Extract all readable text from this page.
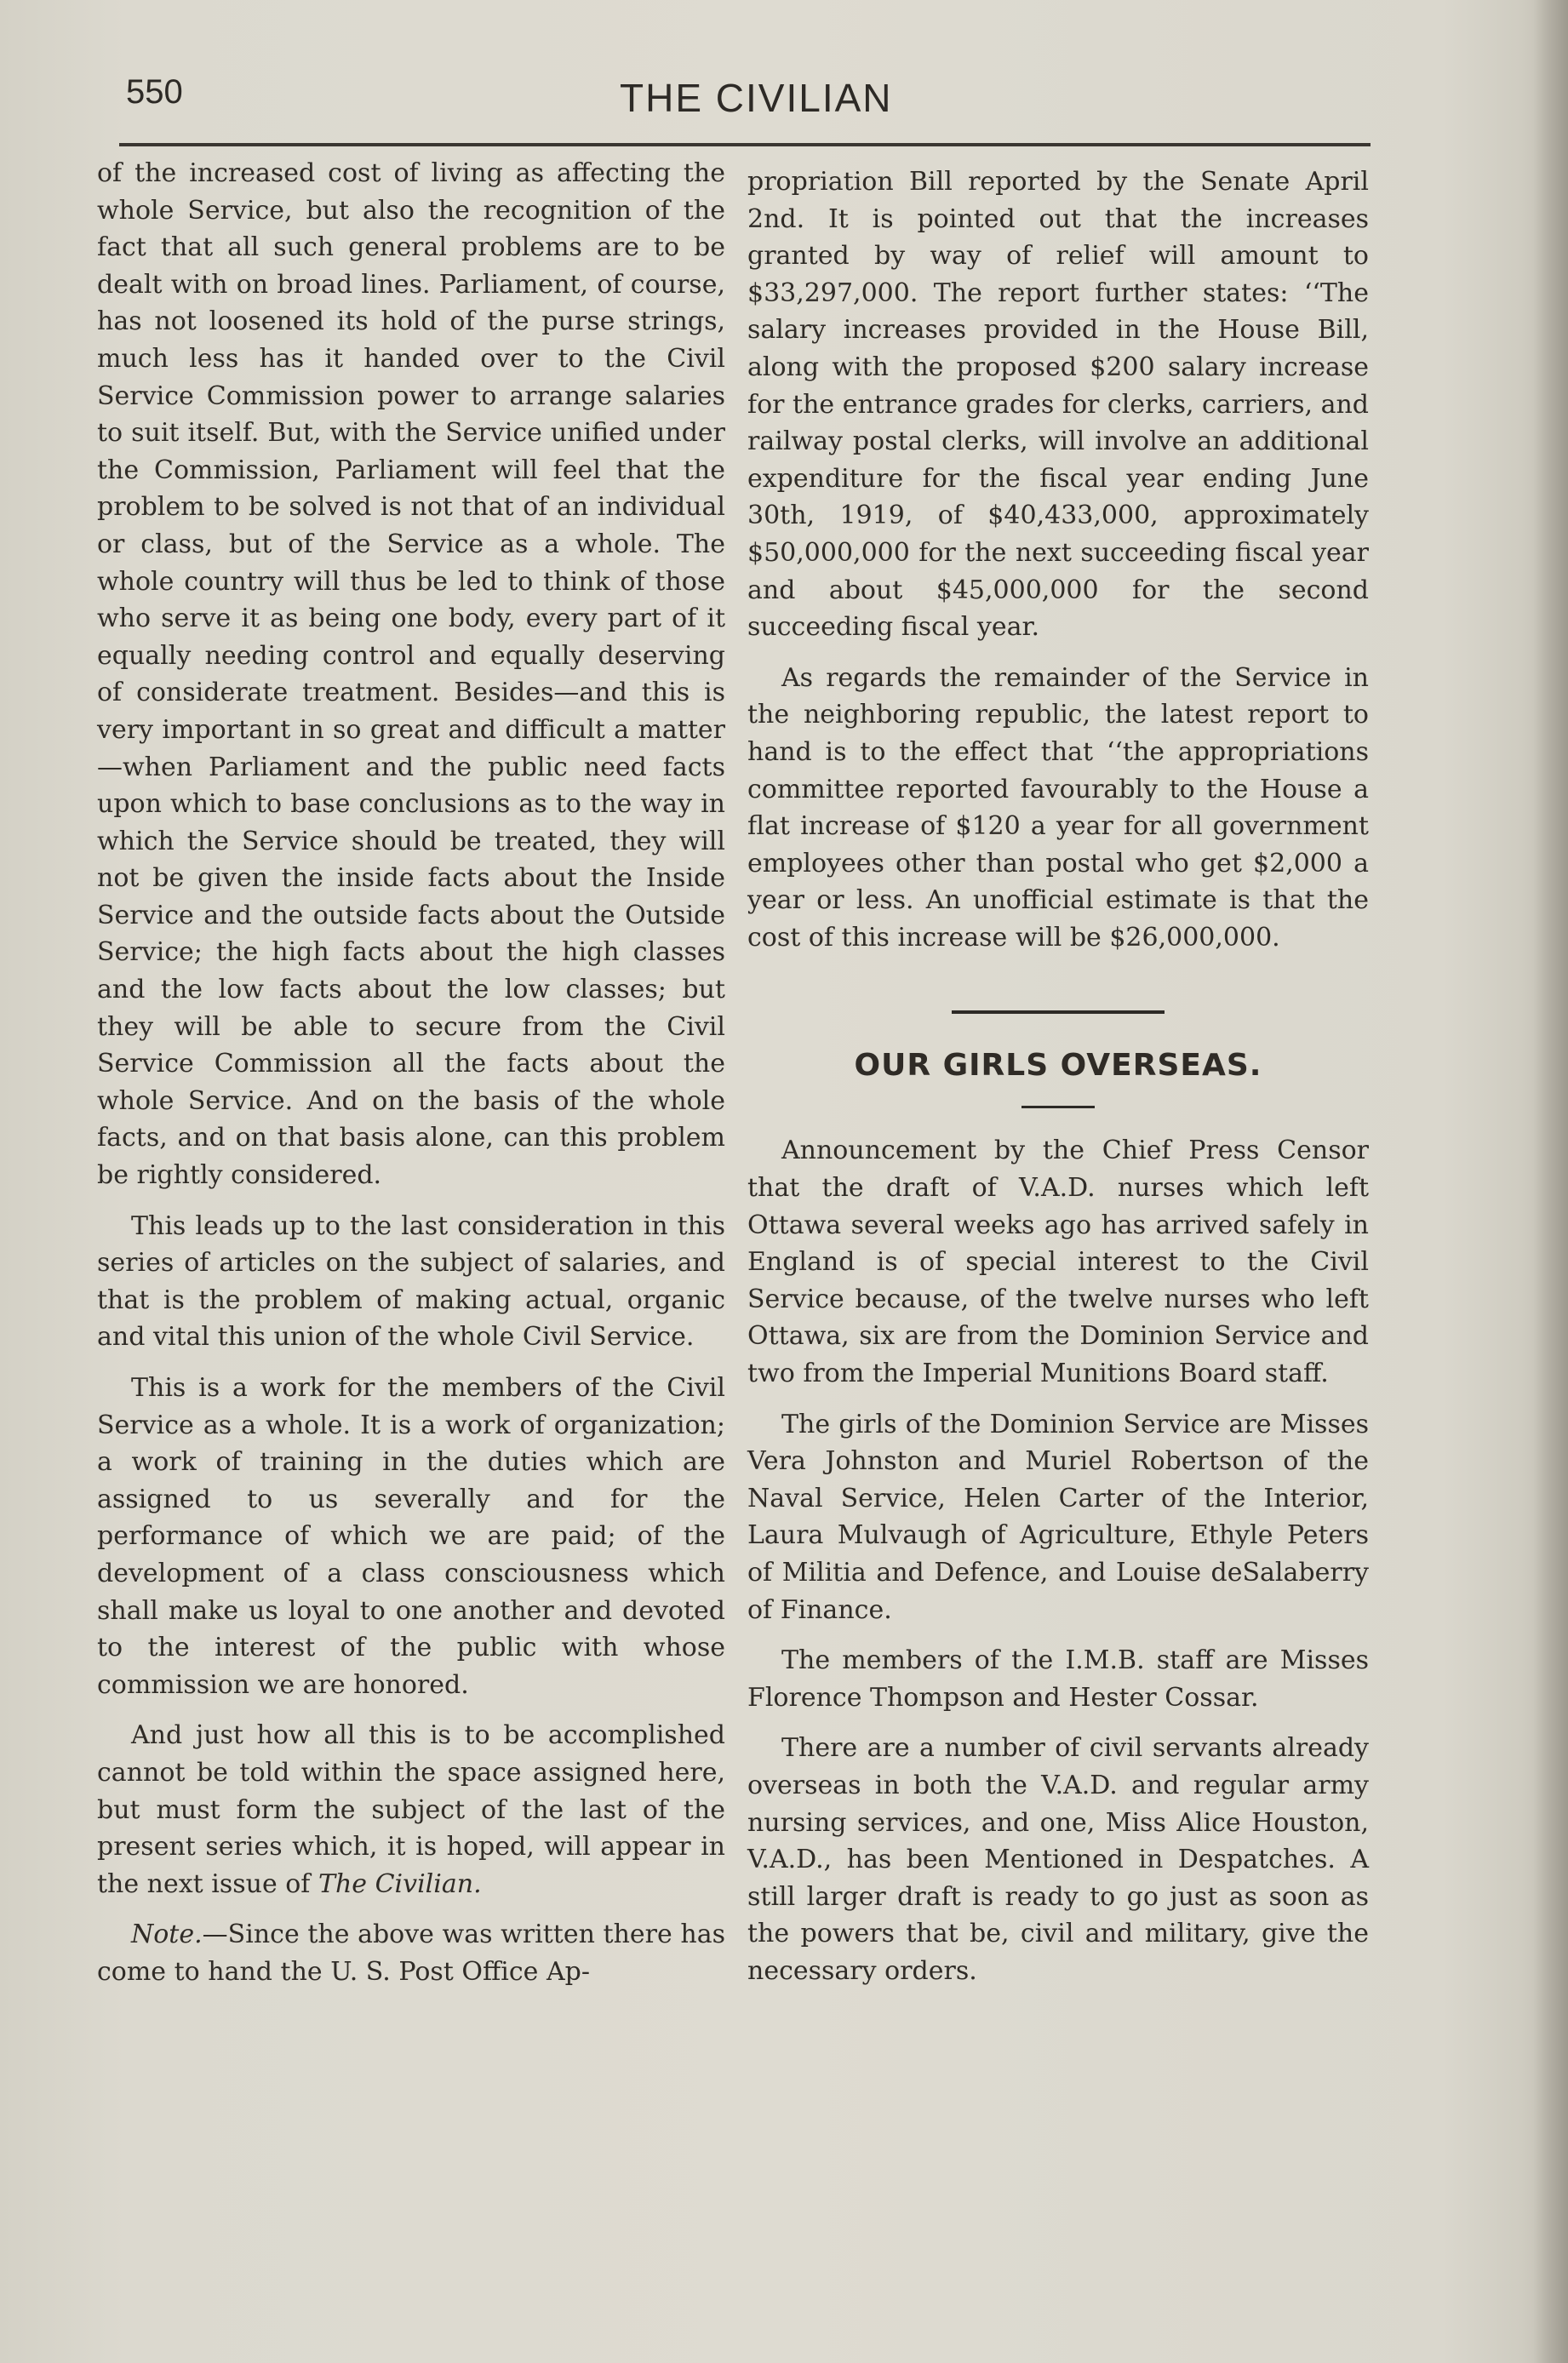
550	THE CIVILIAN

of the increased cost of living as affecting the whole Service, but also the recognition of the fact that all such general problems are to be dealt with on broad lines. Parliament, of course, has not loosened its hold of the purse strings, much less has it handed over to the Civil Service Commission power to arrange salaries to suit itself. But, with the Service unified under the Commission, Parliament will feel that the problem to be solved is not that of an individual or class, but of the Service as a whole. The whole country will thus be led to think of those who serve it as being one body, every part of it equally needing control and equally deserving of considerate treatment. Besides—and this is very important in so great and difficult a matter—when Parliament and the public need facts upon which to base conclusions as to the way in which the Service should be treated, they will not be given the inside facts about the Inside Service and the outside facts about the Outside Service; the high facts about the high classes and the low facts about the low classes; but they will be able to secure from the Civil Service Commission all the facts about the whole Service. And on the basis of the whole facts, and on that basis alone, can this problem be rightly considered.

This leads up to the last consideration in this series of articles on the subject of salaries, and that is the problem of making actual, organic and vital this union of the whole Civil Service.

This is a work for the members of the Civil Service as a whole. It is a work of organization; a work of training in the duties which are assigned to us severally and for the performance of which we are paid; of the development of a class consciousness which shall make us loyal to one another and devoted to the interest of the public with whose commission we are honored.

And just how all this is to be accomplished cannot be told within the space assigned here, but must form the subject of the last of the present series which, it is hoped, will appear in the next issue of The Civilian.

Note.—Since the above was written there has come to hand the U. S. Post Office Ap-

propriation Bill reported by the Senate April 2nd. It is pointed out that the increases granted by way of relief will amount to $33,297,000. The report further states: ‘‘The salary increases provided in the House Bill, along with the proposed $200 salary increase for the entrance grades for clerks, carriers, and railway postal clerks, will involve an additional expenditure for the fiscal year ending June 30th, 1919, of $40,433,000, approximately $50,000,000 for the next succeeding fiscal year and about $45,000,000 for the second succeeding fiscal year.

As regards the remainder of the Service in the neighboring republic, the latest report to hand is to the effect that ‘‘the appropriations committee reported favourably to the House a flat increase of $120 a year for all government employees other than postal who get $2,000 a year or less. An unofficial estimate is that the cost of this increase will be $26,000,000.

OUR GIRLS OVERSEAS.

Announcement by the Chief Press Censor that the draft of V.A.D. nurses which left Ottawa several weeks ago has arrived safely in England is of special interest to the Civil Service because, of the twelve nurses who left Ottawa, six are from the Dominion Service and two from the Imperial Munitions Board staff.

The girls of the Dominion Service are Misses Vera Johnston and Muriel Robertson of the Naval Service, Helen Carter of the Interior, Laura Mulvaugh of Agriculture, Ethyle Peters of Militia and Defence, and Louise deSalaberry of Finance.

The members of the I.M.B. staff are Misses Florence Thompson and Hester Cossar.

There are a number of civil servants already overseas in both the V.A.D. and regular army nursing services, and one, Miss Alice Houston, V.A.D., has been Mentioned in Despatches. A still larger draft is ready to go just as soon as the powers that be, civil and military, give the necessary orders.
